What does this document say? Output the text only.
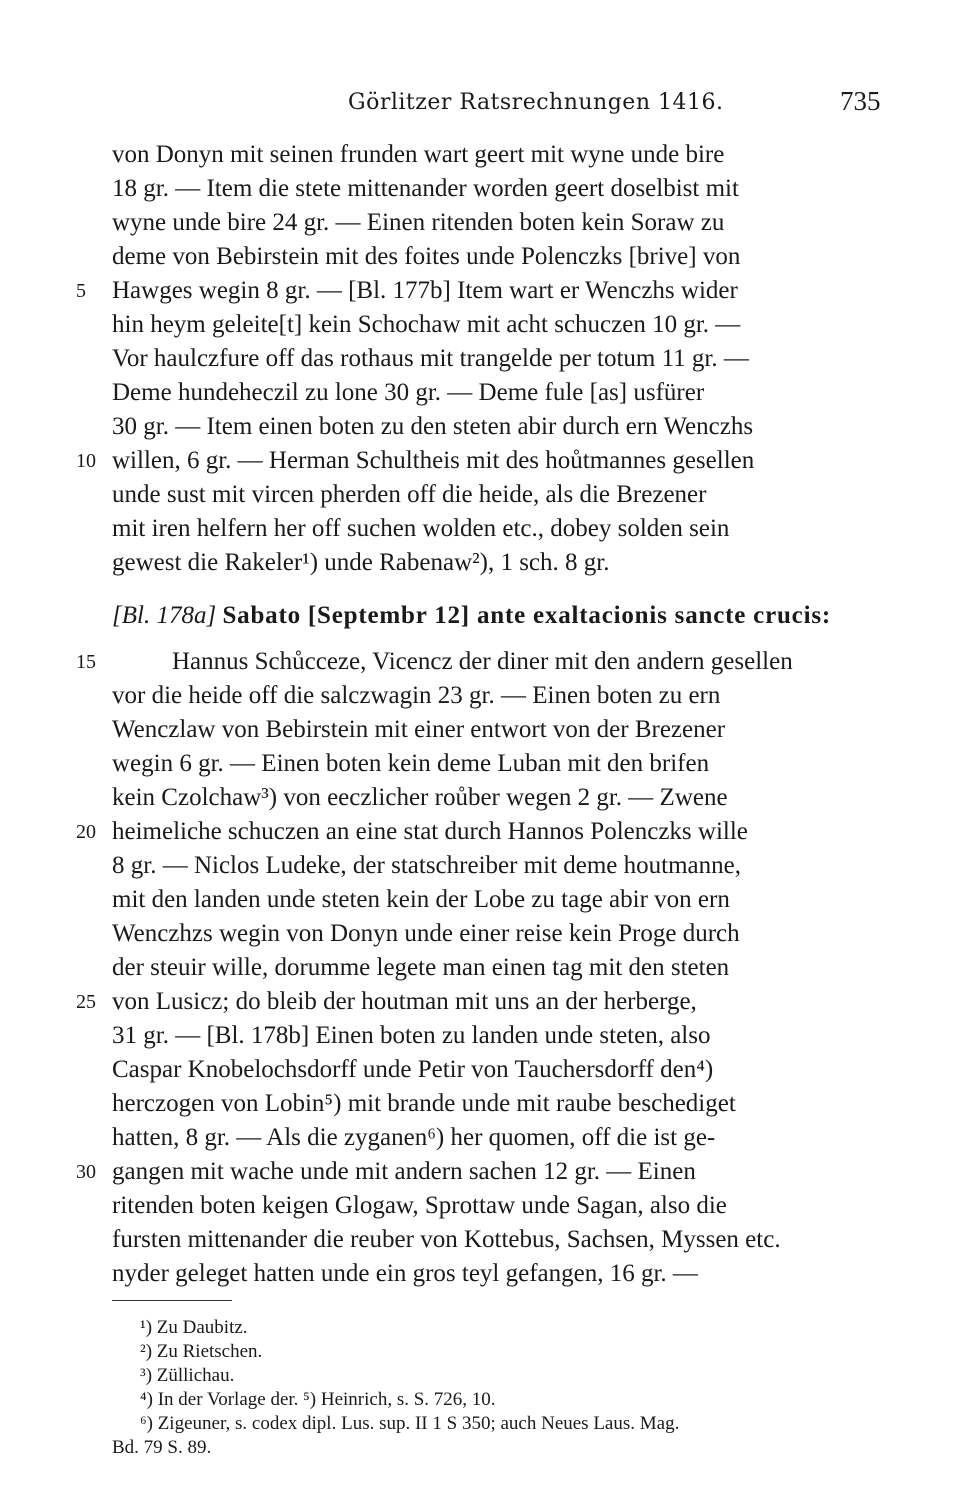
Görlitzer Ratsrechnungen 1416.	735
von Donyn mit seinen frunden wart geert mit wyne unde bire
18 gr. — Item die stete mittenander worden geert doselbist mit
wyne unde bire 24 gr. — Einen ritenden boten kein Soraw zu
deme von Bebirstein mit des foites unde Polenczks [brive] von
5	Hawges wegin 8 gr. — [Bl. 177b] Item wart er Wenczhs wider
hin heym geleite[t] kein Schochaw mit acht schuczen 10 gr. —
Vor haulczfure off das rothaus mit trangelde per totum 11 gr. —
Deme hundeheczil zu lone 30 gr. — Deme fule [as] usfürer
30 gr. — Item einen boten zu den steten abir durch ern Wenczhs
10 willen, 6 gr. — Herman Schultheis mit des hoůtmannes gesellen
unde sust mit vircen pherden off die heide, als die Brezener
mit iren helfern her off suchen wolden etc., dobey solden sein
gewest die Rakeler¹) unde Rabenaw²), 1 sch. 8 gr.
[Bl. 178a] Sabato [Septembr 12] ante exaltacionis sancte crucis:
15	Hannus Schůcceze, Vicencz der diner mit den andern gesellen
vor die heide off die salczwagin 23 gr. — Einen boten zu ern
Wenczlaw von Bebirstein mit einer entwort von der Brezener
wegin 6 gr. — Einen boten kein deme Luban mit den brifen
kein Czolchaw³) von eeczlicher roůber wegen 2 gr. — Zwene
20 heimeliche schuczen an eine stat durch Hannos Polenczks wille
8 gr. — Niclos Ludeke, der statschreiber mit deme houtmanne,
mit den landen unde steten kein der Lobe zu tage abir von ern
Wenczhzs wegin von Donyn unde einer reise kein Proge durch
der steuir wille, dorumme legete man einen tag mit den steten
25 von Lusicz; do bleib der houtman mit uns an der herberge,
31 gr. — [Bl. 178b] Einen boten zu landen unde steten, also
Caspar Knobelochsdorff unde Petir von Tauchersdorff den⁴)
herczogen von Lobin⁵) mit brande unde mit raube beschediget
hatten, 8 gr. — Als die zyganen⁶) her quomen, off die ist ge-
30 gangen mit wache unde mit andern sachen 12 gr. — Einen
ritenden boten keigen Glogaw, Sprottaw unde Sagan, also die
fursten mittenander die reuber von Kottebus, Sachsen, Myssen etc.
nyder geleget hatten unde ein gros teyl gefangen, 16 gr. —
¹) Zu Daubitz.
²) Zu Rietschen.
³) Züllichau.
⁴) In der Vorlage der. ⁵) Heinrich, s. S. 726, 10.
⁶) Zigeuner, s. codex dipl. Lus. sup. II 1 S 350; auch Neues Laus. Mag.
Bd. 79 S. 89.
